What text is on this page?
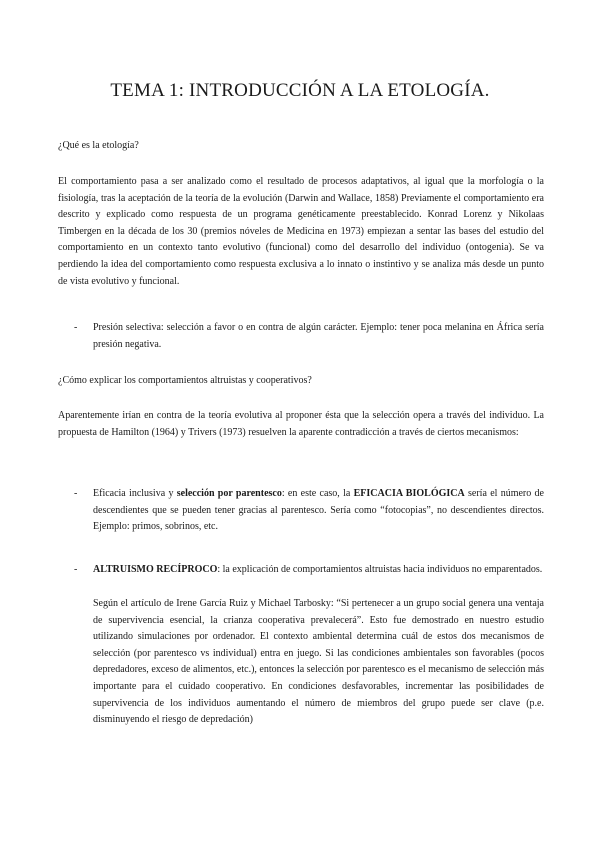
TEMA 1: INTRODUCCIÓN A LA ETOLOGÍA.
¿Qué es la etología?
El comportamiento pasa a ser analizado como el resultado de procesos adaptativos, al igual que la morfología o la fisiología, tras la aceptación de la teoría de la evolución (Darwin and Wallace, 1858) Previamente el comportamiento era descrito y explicado como respuesta de un programa genéticamente preestablecido. Konrad Lorenz y Nikolaas Timbergen en la década de los 30 (premios nóveles de Medicina en 1973) empiezan a sentar las bases del estudio del comportamiento en un contexto tanto evolutivo (funcional) como del desarrollo del individuo (ontogenia). Se va perdiendo la idea del comportamiento como respuesta exclusiva a lo innato o instintivo y se analiza más desde un punto de vista evolutivo y funcional.
- Presión selectiva: selección a favor o en contra de algún carácter. Ejemplo: tener poca melanina en África sería presión negativa.
¿Cómo explicar los comportamientos altruistas y cooperativos?
Aparentemente irían en contra de la teoría evolutiva al proponer ésta que la selección opera a través del individuo. La propuesta de Hamilton (1964) y Trivers (1973) resuelven la aparente contradicción a través de ciertos mecanismos:
- Eficacia inclusiva y selección por parentesco: en este caso, la EFICACIA BIOLÓGICA sería el número de descendientes que se pueden tener gracias al parentesco. Sería como “fotocopias”, no descendientes directos. Ejemplo: primos, sobrinos, etc.
- ALTRUISMO RECÍPROCO: la explicación de comportamientos altruistas hacia individuos no emparentados.
Según el artículo de Irene García Ruiz y Michael Tarbosky: “Si pertenecer a un grupo social genera una ventaja de supervivencia esencial, la crianza cooperativa prevalecerá”. Esto fue demostrado en nuestro estudio utilizando simulaciones por ordenador. El contexto ambiental determina cuál de estos dos mecanismos de selección (por parentesco vs individual) entra en juego. Si las condiciones ambientales son favorables (pocos depredadores, exceso de alimentos, etc.), entonces la selección por parentesco es el mecanismo de selección más importante para el cuidado cooperativo. En condiciones desfavorables, incrementar las posibilidades de supervivencia de los individuos aumentando el número de miembros del grupo puede ser clave (p.e. disminuyendo el riesgo de depredación)
